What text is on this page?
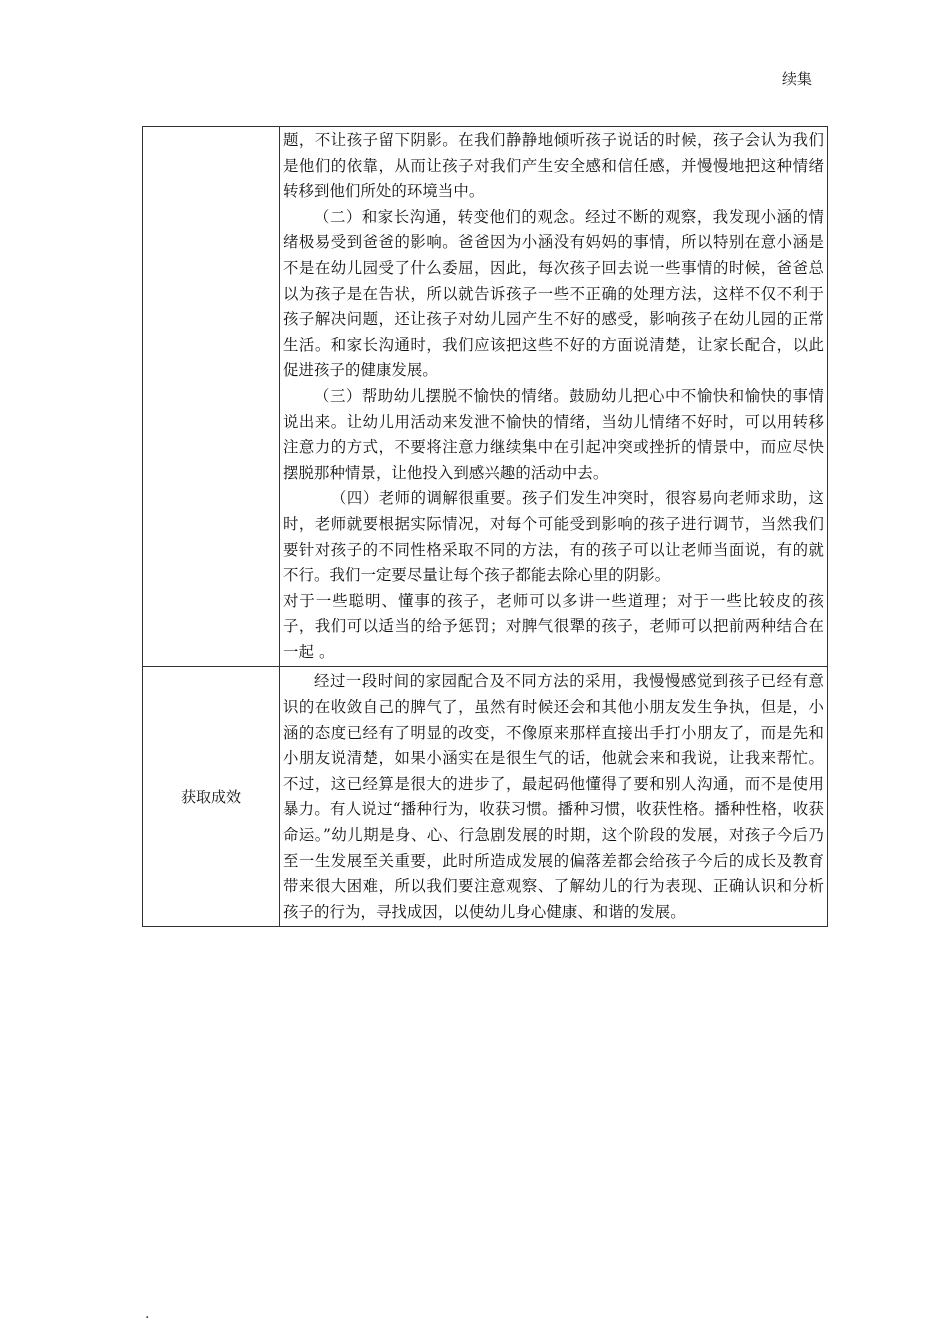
续集

	题，不让孩子留下阴影。在我们静静地倾听孩子说话的时候，孩子会认为我们是他们的依靠，从而让孩子对我们产生安全感和信任感，并慢慢地把这种情绪转移到他们所处的环境当中。

（二）和家长沟通，转变他们的观念。经过不断的观察，我发现小涵的情绪极易受到爸爸的影响。爸爸因为小涵没有妈妈的事情，所以特别在意小涵是不是在幼儿园受了什么委屈，因此，每次孩子回去说一些事情的时候，爸爸总以为孩子是在告状，所以就告诉孩子一些不正确的处理方法，这样不仅不利于孩子解决问题，还让孩子对幼儿园产生不好的感受，影响孩子在幼儿园的正常生活。和家长沟通时，我们应该把这些不好的方面说清楚，让家长配合，以此促进孩子的健康发展。

（三）帮助幼儿摆脱不愉快的情绪。鼓励幼儿把心中不愉快和愉快的事情说出来。让幼儿用活动来发泄不愉快的情绪，当幼儿情绪不好时，可以用转移注意力的方式，不要将注意力继续集中在引起冲突或挫折的情景中，而应尽快摆脱那种情景，让他投入到感兴趣的活动中去。

（四）老师的调解很重要。孩子们发生冲突时，很容易向老师求助，这时，老师就要根据实际情况，对每个可能受到影响的孩子进行调节，当然我们要针对孩子的不同性格采取不同的方法，有的孩子可以让老师当面说，有的就不行。我们一定要尽量让每个孩子都能去除心里的阴影。

对于一些聪明、懂事的孩子，老师可以多讲一些道理；对于一些比较皮的孩子，我们可以适当的给予惩罚；对脾气很犟的孩子，老师可以把前两种结合在一起 。

获取成效	经过一段时间的家园配合及不同方法的采用，我慢慢感觉到孩子已经有意识的在收敛自己的脾气了，虽然有时候还会和其他小朋友发生争执，但是，小涵的态度已经有了明显的改变，不像原来那样直接出手打小朋友了，而是先和小朋友说清楚，如果小涵实在是很生气的话，他就会来和我说，让我来帮忙。不过，这已经算是很大的进步了，最起码他懂得了要和别人沟通，而不是使用暴力。有人说过“播种行为，收获习惯。播种习惯，收获性格。播种性格，收获命运。”幼儿期是身、心、行急剧发展的时期，这个阶段的发展，对孩子今后乃至一生发展至关重要，此时所造成发展的偏落差都会给孩子今后的成长及教育带来很大困难，所以我们要注意观察、了解幼儿的行为表现、正确认识和分析孩子的行为，寻找成因，以使幼儿身心健康、和谐的发展。

.
